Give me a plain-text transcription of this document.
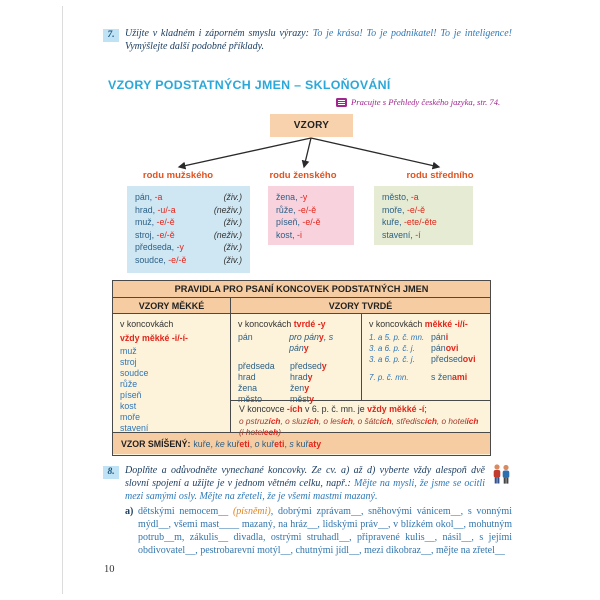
7.	Užijte v kladném i záporném smyslu výrazy: To je krása! To je podnikatel! To je inteligence! Vymýšlejte další podobné příklady.
VZORY PODSTATNÝCH JMEN – SKLOŇOVÁNÍ
Pracujte s Přehledy českého jazyka, str. 74.
VZORY
rodu mužského	rodu ženského	rodu středního
pán, -a	(živ.)
hrad, -u/-a	(neživ.)
muž, -e/-ě	(živ.)
stroj, -e/-ě	(neživ.)
předseda, -y	(živ.)
soudce, -e/-ě	(živ.)
žena, -y
růže, -e/-ě
píseň, -e/-ě
kost, -i
město, -a
moře, -e/-ě
kuře, -ete/-ěte
stavení, -í
PRAVIDLA PRO PSANÍ KONCOVEK PODSTATNÝCH JMEN
VZORY MĚKKÉ	VZORY TVRDÉ
v koncovkách
vždy měkké -i/-í-
muž
stroj
soudce
růže
píseň
kost
moře
stavení
v koncovkách tvrdé -y
pán	pro pány, s pány
předseda	předsedy
hrad	hrady
žena	ženy
město	městy
v koncovkách měkké -i/í-
1. a 5. p. č. mn. páni
3. a 6. p. č. j.	pánovi
3. a 6. p. č. j.	předsedovi
7. p. č. mn.	s ženami
V koncovce -ích v 6. p. č. mn. je vždy měkké -í;
o pstruzích, o sluzích, o lesích, o šátcích, střediscích, o hotelích (i hotelech)
VZOR SMÍŠENÝ: kuře, ke kuřeti, o kuřeti, s kuřaty
8.	Doplňte a odůvodněte vynechané koncovky. Ze cv. a) až d) vyberte vždy alespoň dvě slovní spojení a užijte je v jednom větném celku, např.: Mějte na mysli, že jsme se ocitli mezi samými osly. Mějte na zřeteli, že je všemi mastmi mazaný.
a) dětskými nemocem__ (písněmi), dobrými zprávam__, sněhovými vánicem__, s vonnými mýdl__, všemi mast____ mazaný, na hráz__, lidskými práv__, v blízkém okol__, mohutným potrub__m, zákulis__ divadla, ostrými struhadl__, připravené kulis__, násil__, s jejími obdivovatel__, pestrobarevní motýl__, chutnými jídl__, mezi dikobraz__, mějte na zřetel__
10
